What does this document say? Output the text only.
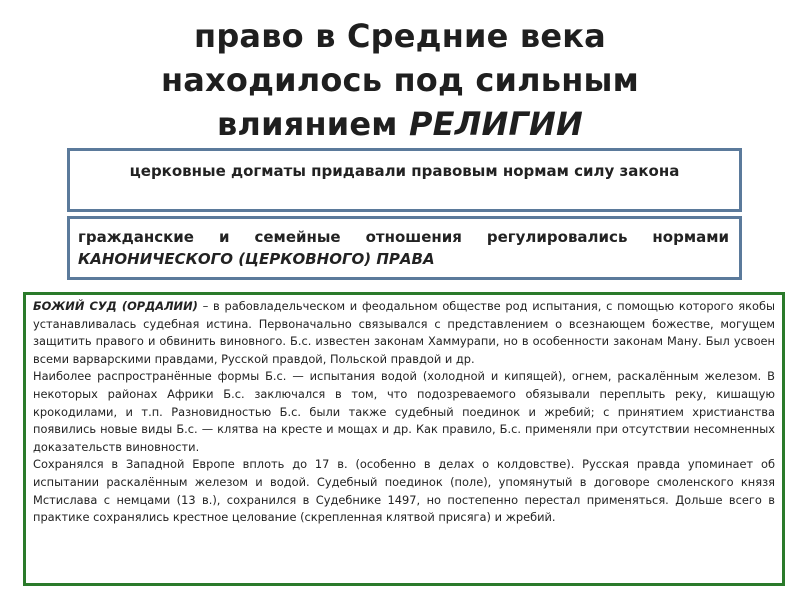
право в Средние века
находилось под сильным
влиянием РЕЛИГИИ
церковные догматы придавали правовым нормам силу закона
гражданские и семейные отношения регулировались нормами КАНОНИЧЕСКОГО (ЦЕРКОВНОГО) ПРАВА

БОЖИЙ СУД (ОРДАЛИИ) – в рабовладельческом и феодальном обществе род испытания, с помощью которого якобы устанавливалась судебная истина. Первоначально связывался с представлением о всезнающем божестве, могущем защитить правого и обвинить виновного. Б.с. известен законам Хаммурапи, но в особенности законам Ману. Был усвоен всеми варварскими правдами, Русской правдой, Польской правдой и др.

Наиболее распространённые формы Б.с. — испытания водой (холодной и кипящей), огнем, раскалённым железом. В некоторых районах Африки Б.с. заключался в том, что подозреваемого обязывали переплыть реку, кишащую крокодилами, и т.п. Разновидностью Б.с. были также судебный поединок и жребий; с принятием христианства появились новые виды Б.с. — клятва на кресте и мощах и др. Как правило, Б.с. применяли при отсутствии несомненных доказательств виновности.

Сохранялся в Западной Европе вплоть до 17 в. (особенно в делах о колдовстве). Русская правда упоминает об испытании раскалённым железом и водой. Судебный поединок (поле), упомянутый в договоре смоленского князя Мстислава с немцами (13 в.), сохранился в Судебнике 1497, но постепенно перестал применяться. Дольше всего в практике сохранялись крестное целование (скрепленная клятвой присяга) и жребий.
